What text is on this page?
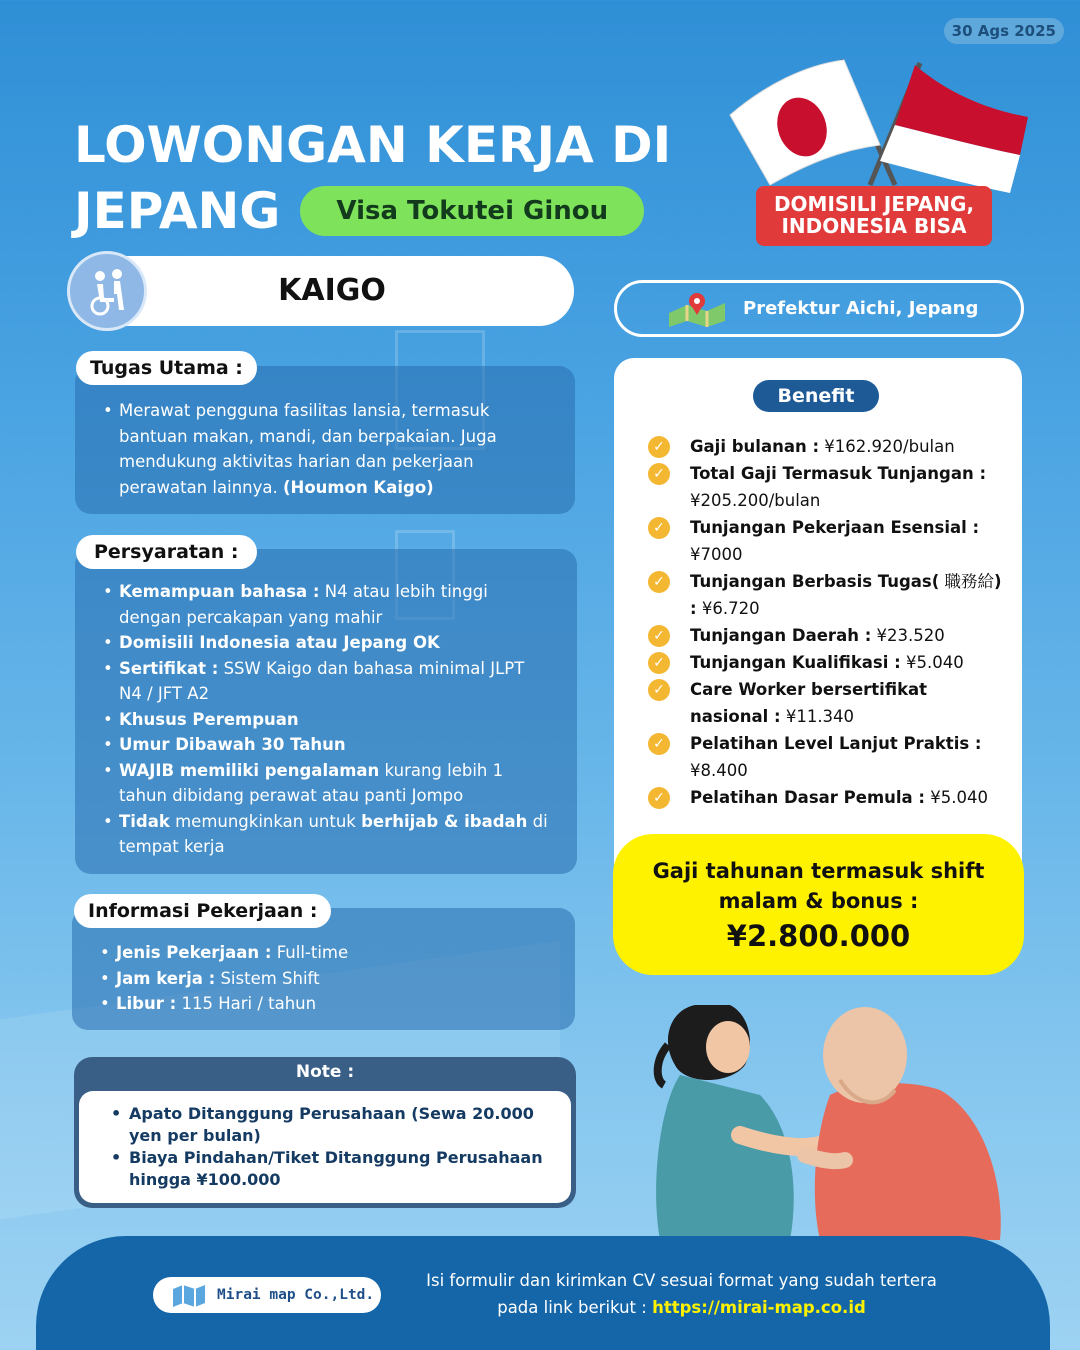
30 Ags 2025
LOWONGAN KERJA DI
JEPANG	Visa Tokutei Ginou	DOMISILI JEPANG,
INDONESIA BISA
KAIGO
Prefektur Aichi, Jepang
• Merawat pengguna fasilitas lansia, termasuk bantuan makan, mandi, dan berpakaian. Juga mendukung aktivitas harian dan pekerjaan perawatan lainnya. (Houmon Kaigo)
Tugas Utama :
• Kemampuan bahasa : N4 atau lebih tinggi dengan percakapan yang mahir
• Domisili Indonesia atau Jepang OK
• Sertifikat : SSW Kaigo dan bahasa minimal JLPT N4 / JFT A2
• Khusus Perempuan
• Umur Dibawah 30 Tahun
• WAJIB memiliki pengalaman kurang lebih 1 tahun dibidang perawat atau panti Jompo
• Tidak memungkinkan untuk berhijab & ibadah di tempat kerja
Persyaratan :
• Jenis Pekerjaan : Full-time
• Jam kerja : Sistem Shift
• Libur : 115 Hari / tahun
Informasi Pekerjaan :
Note :
• Apato Ditanggung Perusahaan (Sewa 20.000 yen per bulan)
• Biaya Pindahan/Tiket Ditanggung Perusahaan hingga ¥100.000
Benefit
✓	Gaji bulanan : ¥162.920/bulan
✓	Total Gaji Termasuk Tunjangan : ¥205.200/bulan
✓	Tunjangan Pekerjaan Esensial : ¥7000
✓	Tunjangan Berbasis Tugas( 職務給) : ¥6.720
✓	Tunjangan Daerah : ¥23.520
✓	Tunjangan Kualifikasi : ¥5.040
✓	Care Worker bersertifikat nasional : ¥11.340
✓	Pelatihan Level Lanjut Praktis : ¥8.400
✓	Pelatihan Dasar Pemula : ¥5.040
Gaji tahunan termasuk shift
malam & bonus :
¥2.800.000
Mirai map Co.,Ltd.
Isi formulir dan kirimkan CV sesuai format yang sudah tertera
pada link berikut : https://mirai-map.co.id
